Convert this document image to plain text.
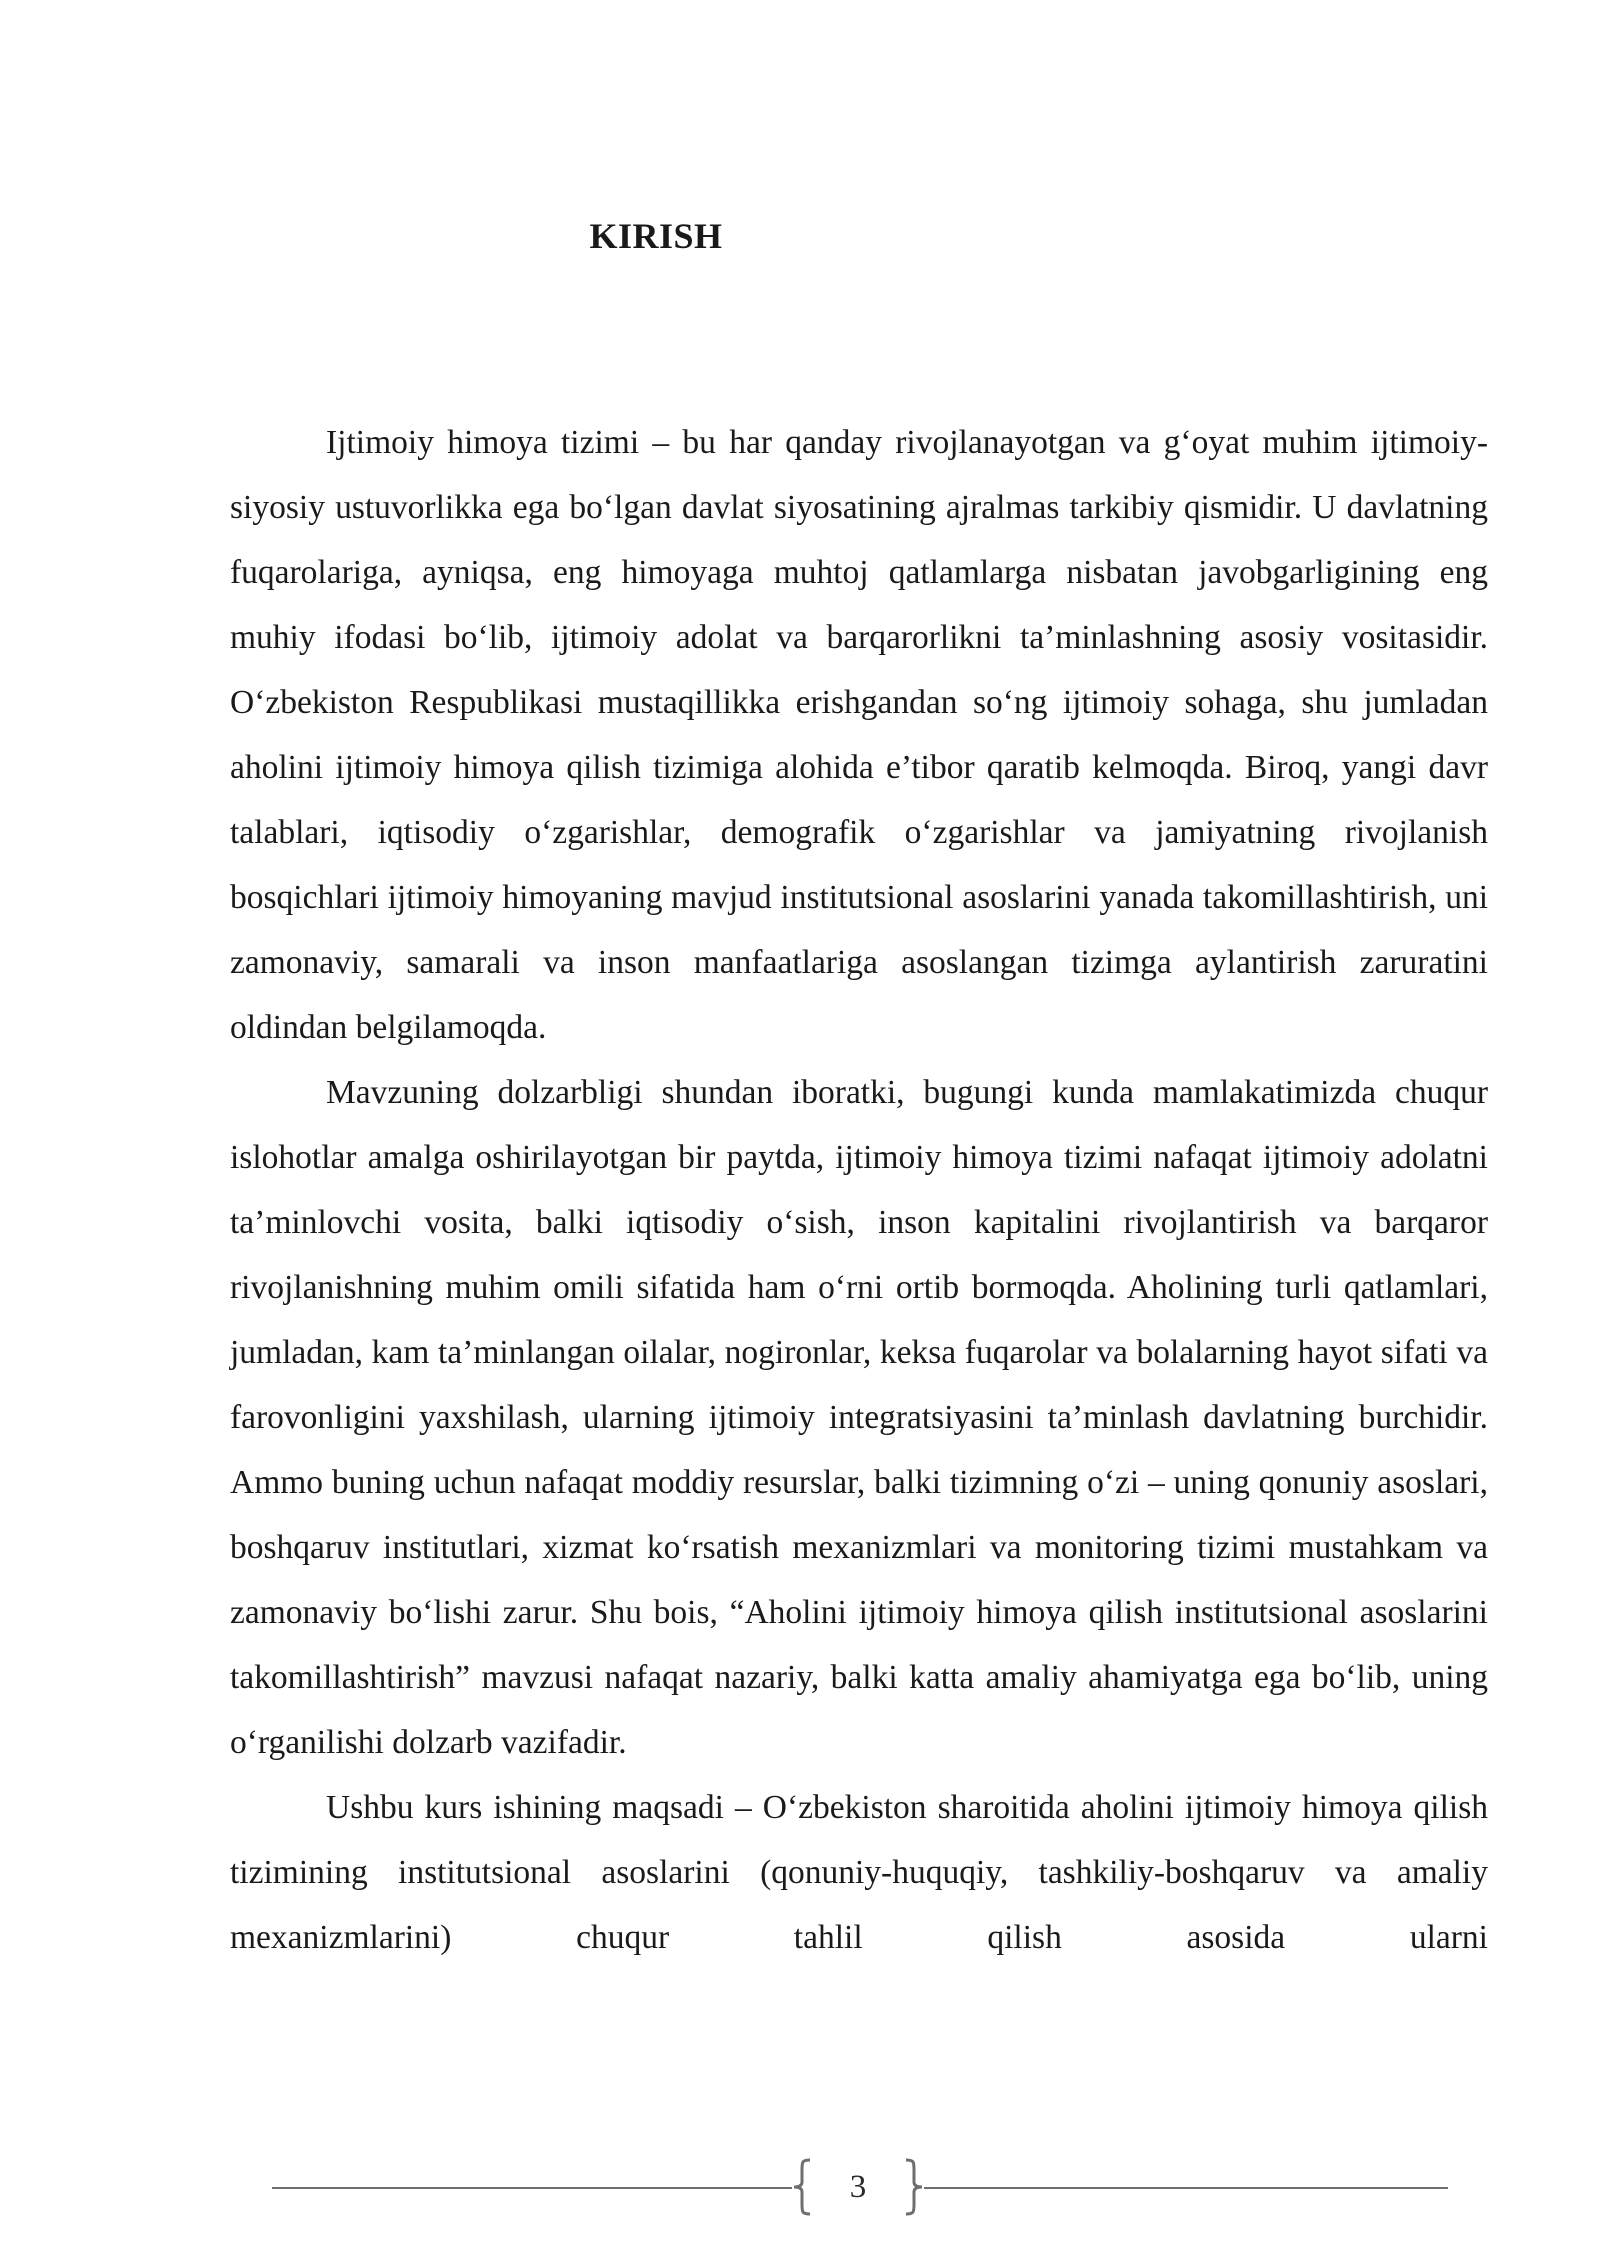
KIRISH

Ijtimoiy himoya tizimi – bu har qanday rivojlanayotgan va g‘oyat muhim ijtimoiy-siyosiy ustuvorlikka ega bo‘lgan davlat siyosatining ajralmas tarkibiy qismidir. U davlatning fuqarolariga, ayniqsa, eng himoyaga muhtoj qatlamlarga nisbatan javobgarligining eng muhiy ifodasi bo‘lib, ijtimoiy adolat va barqarorlikni ta’minlashning asosiy vositasidir. O‘zbekiston Respublikasi mustaqillikka erishgandan so‘ng ijtimoiy sohaga, shu jumladan aholini ijtimoiy himoya qilish tizimiga alohida e’tibor qaratib kelmoqda. Biroq, yangi davr talablari, iqtisodiy o‘zgarishlar, demografik o‘zgarishlar va jamiyatning rivojlanish bosqichlari ijtimoiy himoyaning mavjud institutsional asoslarini yanada takomillashtirish, uni zamonaviy, samarali va inson manfaatlariga asoslangan tizimga aylantirish zaruratini oldindan belgilamoqda.

Mavzuning dolzarbligi shundan iboratki, bugungi kunda mamlakatimizda chuqur islohotlar amalga oshirilayotgan bir paytda, ijtimoiy himoya tizimi nafaqat ijtimoiy adolatni ta’minlovchi vosita, balki iqtisodiy o‘sish, inson kapitalini rivojlantirish va barqaror rivojlanishning muhim omili sifatida ham o‘rni ortib bormoqda. Aholining turli qatlamlari, jumladan, kam ta’minlangan oilalar, nogironlar, keksa fuqarolar va bolalarning hayot sifati va farovonligini yaxshilash, ularning ijtimoiy integratsiyasini ta’minlash davlatning burchidir. Ammo buning uchun nafaqat moddiy resurslar, balki tizimning o‘zi – uning qonuniy asoslari, boshqaruv institutlari, xizmat ko‘rsatish mexanizmlari va monitoring tizimi mustahkam va zamonaviy bo‘lishi zarur. Shu bois, “Aholini ijtimoiy himoya qilish institutsional asoslarini takomillashtirish” mavzusi nafaqat nazariy, balki katta amaliy ahamiyatga ega bo‘lib, uning o‘rganilishi dolzarb vazifadir.

Ushbu kurs ishining maqsadi – O‘zbekiston sharoitida aholini ijtimoiy himoya qilish tizimining institutsional asoslarini (qonuniy-huquqiy, tashkiliy-boshqaruv va amaliy mexanizmlarini) chuqur tahlil qilish asosida ularni

3
